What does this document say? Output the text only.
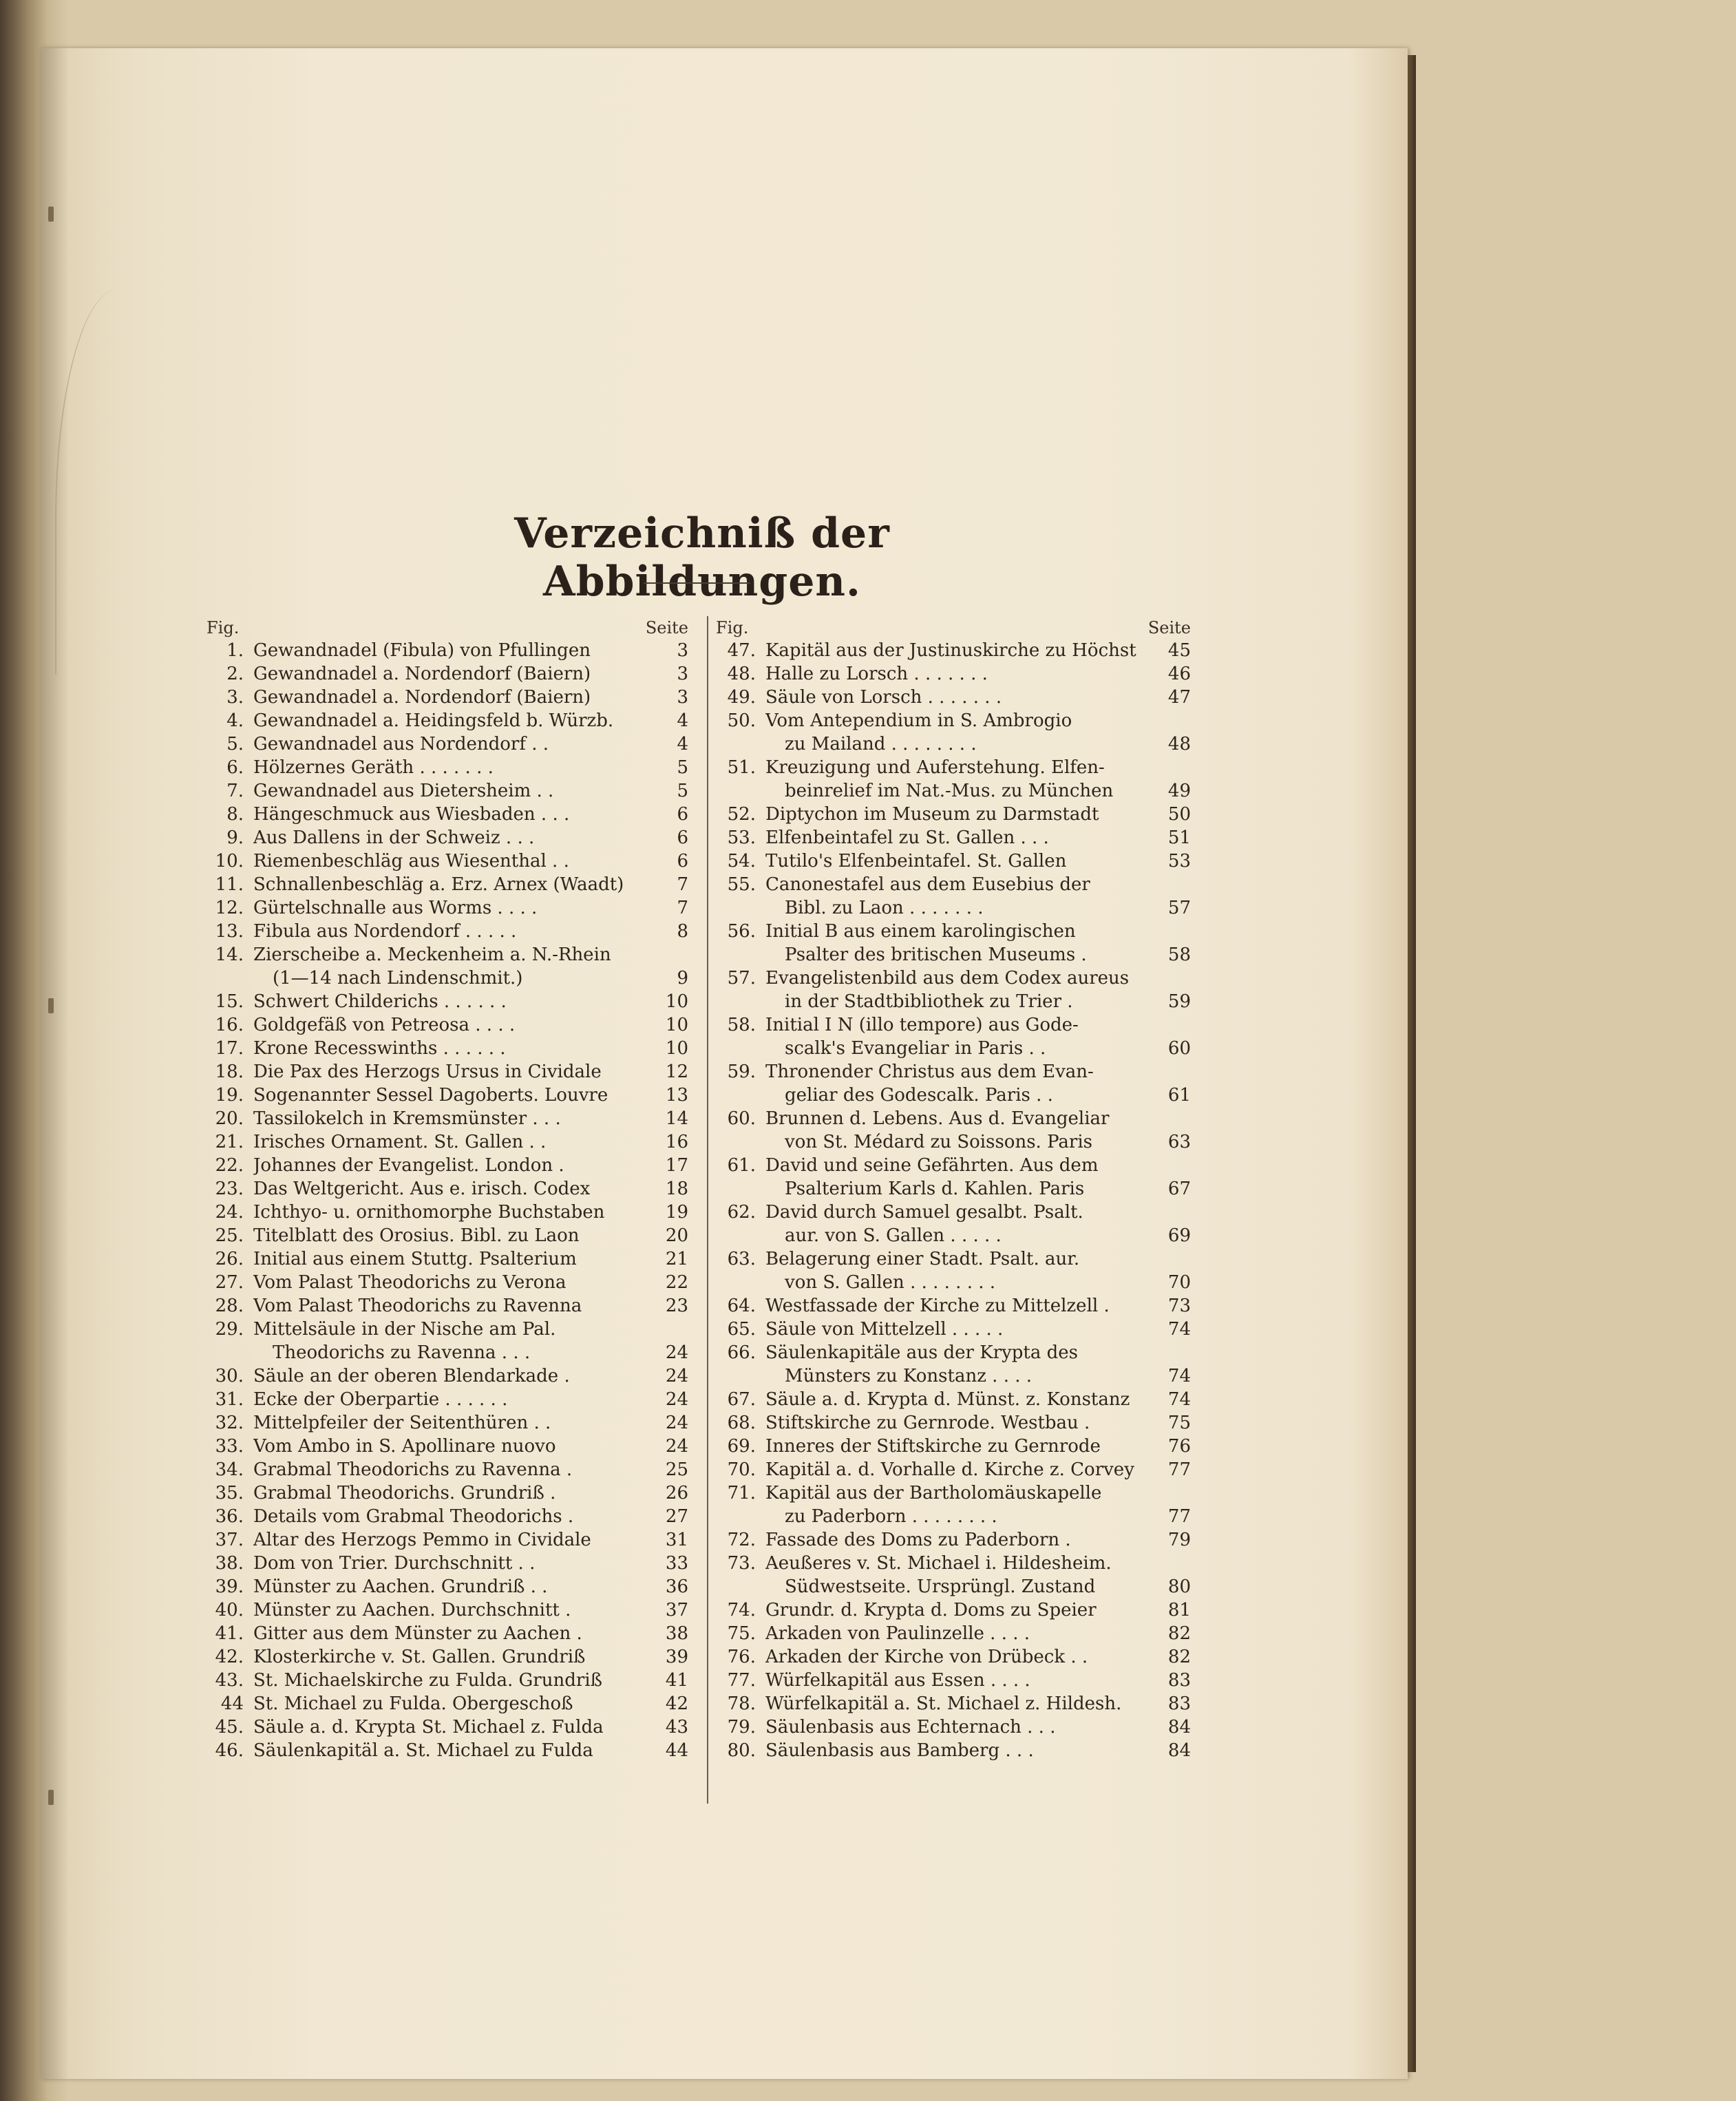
Verzeichniß der Abbildungen.
Fig.	Seite
1. Gewandnadel (Fibula) von Pfullingen	3
2. Gewandnadel a. Nordendorf (Baiern)	3
3. Gewandnadel a. Nordendorf (Baiern)	3
4. Gewandnadel a. Heidingsfeld b. Würzb.	4
5. Gewandnadel aus Nordendorf . .	4
6. Hölzernes Geräth . . . . . . .	5
7. Gewandnadel aus Dietersheim . .	5
8. Hängeschmuck aus Wiesbaden . . .	6
9. Aus Dallens in der Schweiz . . .	6
10. Riemenbeschläg aus Wiesenthal . .	6
11. Schnallenbeschläg a. Erz. Arnex (Waadt)	7
12. Gürtelschnalle aus Worms . . . .	7
13. Fibula aus Nordendorf . . . . .	8
14. Zierscheibe a. Meckenheim a. N.-Rhein
(1—14 nach Lindenschmit.)	9
15. Schwert Childerichs . . . . . .	10
16. Goldgefäß von Petreosa . . . .	10
17. Krone Recesswinths . . . . . .	10
18. Die Pax des Herzogs Ursus in Cividale	12
19. Sogenannter Sessel Dagoberts. Louvre	13
20. Tassilokelch in Kremsmünster . . .	14
21. Irisches Ornament. St. Gallen . .	16
22. Johannes der Evangelist. London .	17
23. Das Weltgericht. Aus e. irisch. Codex	18
24. Ichthyo- u. ornithomorphe Buchstaben	19
25. Titelblatt des Orosius. Bibl. zu Laon	20
26. Initial aus einem Stuttg. Psalterium	21
27. Vom Palast Theodorichs zu Verona	22
28. Vom Palast Theodorichs zu Ravenna	23
29. Mittelsäule in der Nische am Pal.
Theodorichs zu Ravenna . . .	24
30. Säule an der oberen Blendarkade .	24
31. Ecke der Oberpartie . . . . . .	24
32. Mittelpfeiler der Seitenthüren . .	24
33. Vom Ambo in S. Apollinare nuovo	24
34. Grabmal Theodorichs zu Ravenna .	25
35. Grabmal Theodorichs. Grundriß .	26
36. Details vom Grabmal Theodorichs .	27
37. Altar des Herzogs Pemmo in Cividale	31
38. Dom von Trier. Durchschnitt . .	33
39. Münster zu Aachen. Grundriß . .	36
40. Münster zu Aachen. Durchschnitt .	37
41. Gitter aus dem Münster zu Aachen .	38
42. Klosterkirche v. St. Gallen. Grundriß	39
43. St. Michaelskirche zu Fulda. Grundriß	41
44 St. Michael zu Fulda. Obergeschoß	42
45. Säule a. d. Krypta St. Michael z. Fulda	43
46. Säulenkapitäl a. St. Michael zu Fulda	44
Fig.	Seite
47. Kapitäl aus der Justinuskirche zu Höchst	45
48. Halle zu Lorsch . . . . . . .	46
49. Säule von Lorsch . . . . . . .	47
50. Vom Antependium in S. Ambrogio
zu Mailand . . . . . . . .	48
51. Kreuzigung und Auferstehung. Elfen-
beinrelief im Nat.-Mus. zu München	49
52. Diptychon im Museum zu Darmstadt	50
53. Elfenbeintafel zu St. Gallen . . .	51
54. Tutilo's Elfenbeintafel. St. Gallen	53
55. Canonestafel aus dem Eusebius der
Bibl. zu Laon . . . . . . .	57
56. Initial B aus einem karolingischen
Psalter des britischen Museums .	58
57. Evangelistenbild aus dem Codex aureus
in der Stadtbibliothek zu Trier .	59
58. Initial I N (illo tempore) aus Gode-
scalk's Evangeliar in Paris . .	60
59. Thronender Christus aus dem Evan-
geliar des Godescalk. Paris . .	61
60. Brunnen d. Lebens. Aus d. Evangeliar
von St. Médard zu Soissons. Paris	63
61. David und seine Gefährten. Aus dem
Psalterium Karls d. Kahlen. Paris	67
62. David durch Samuel gesalbt. Psalt.
aur. von S. Gallen . . . . .	69
63. Belagerung einer Stadt. Psalt. aur.
von S. Gallen . . . . . . . .	70
64. Westfassade der Kirche zu Mittelzell .	73
65. Säule von Mittelzell . . . . .	74
66. Säulenkapitäle aus der Krypta des
Münsters zu Konstanz . . . .	74
67. Säule a. d. Krypta d. Münst. z. Konstanz	74
68. Stiftskirche zu Gernrode. Westbau .	75
69. Inneres der Stiftskirche zu Gernrode	76
70. Kapitäl a. d. Vorhalle d. Kirche z. Corvey	77
71. Kapitäl aus der Bartholomäuskapelle
zu Paderborn . . . . . . . .	77
72. Fassade des Doms zu Paderborn .	79
73. Aeußeres v. St. Michael i. Hildesheim.
Südwestseite. Ursprüngl. Zustand	80
74. Grundr. d. Krypta d. Doms zu Speier	81
75. Arkaden von Paulinzelle . . . .	82
76. Arkaden der Kirche von Drübeck . .	82
77. Würfelkapitäl aus Essen . . . .	83
78. Würfelkapitäl a. St. Michael z. Hildesh.	83
79. Säulenbasis aus Echternach . . .	84
80. Säulenbasis aus Bamberg . . .	84
